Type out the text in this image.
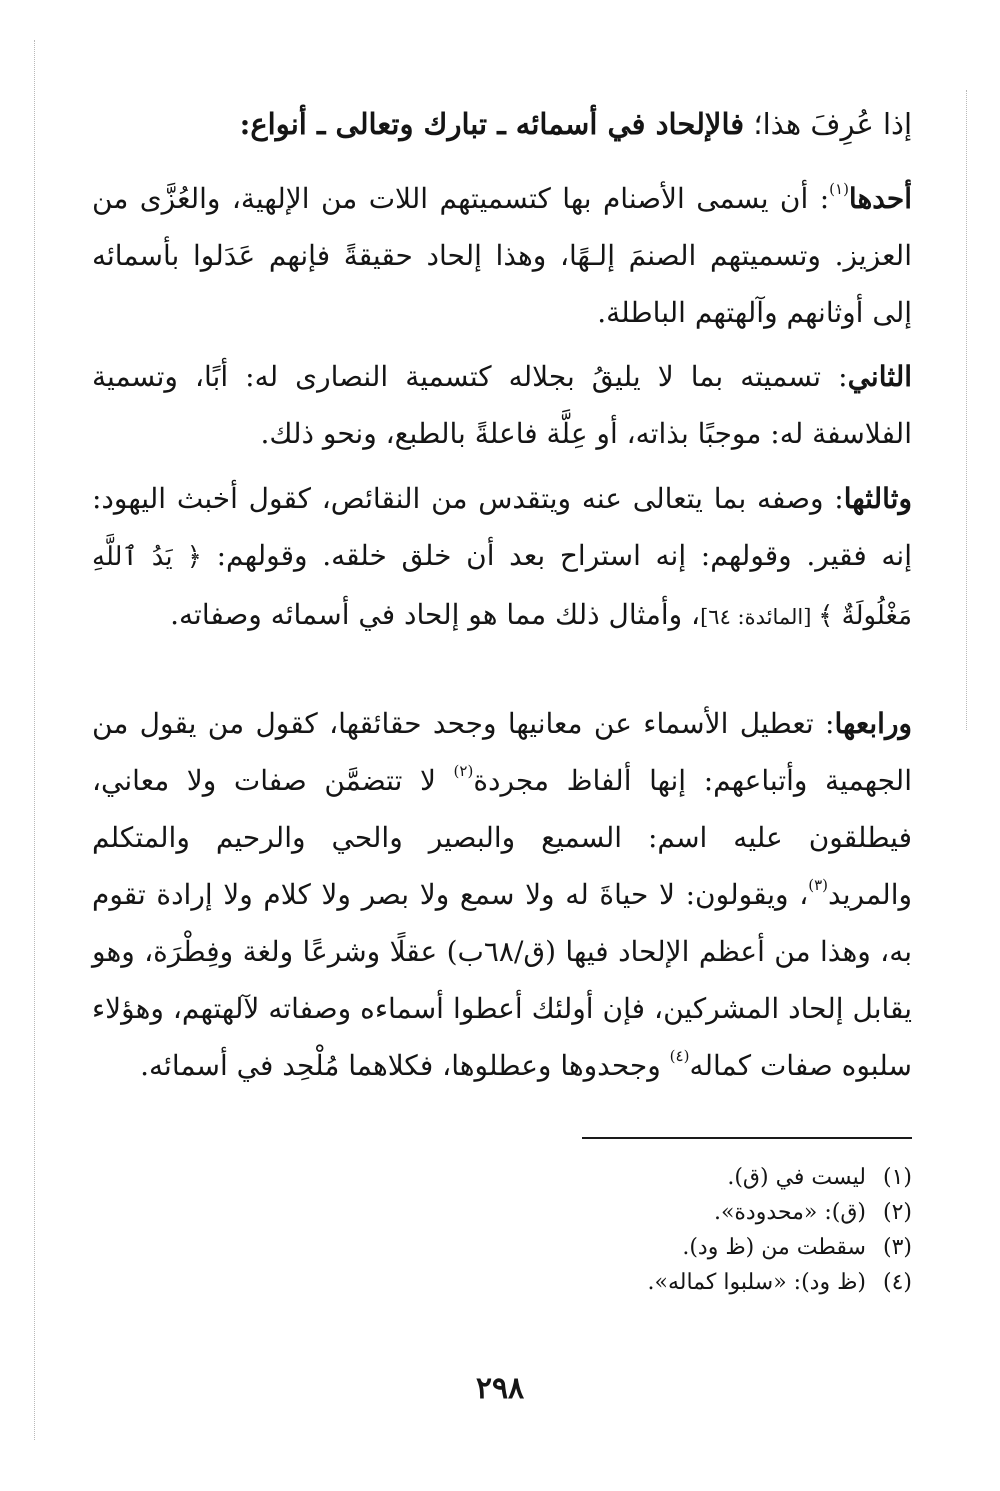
إذا عُرِفَ هذا؛ فالإلحاد في أسمائه ـ تبارك وتعالى ـ أنواع:

أحدها$^{(١)}$: أن يسمى الأصنام بها كتسميتهم اللات من الإلهية، والعُزَّى من العزيز. وتسميتهم الصنمَ إلـهًا، وهذا إلحاد حقيقةً فإنهم عَدَلوا بأسمائه إلى أوثانهم وآلهتهم الباطلة.

الثاني: تسميته بما لا يليقُ بجلاله كتسمية النصارى له: أبًا، وتسمية الفلاسفة له: موجبًا بذاته، أو عِلَّة فاعلةً بالطبع، ونحو ذلك.

وثالثها: وصفه بما يتعالى عنه ويتقدس من النقائص، كقول أخبث اليهود: إنه فقير. وقولهم: إنه استراح بعد أن خلق خلقه. وقولهم: ﴿ يَدُ ٱللَّهِ مَغْلُولَةٌ ﴾ [المائدة: ٦٤]، وأمثال ذلك مما هو إلحاد في أسمائه وصفاته.

ورابعها: تعطيل الأسماء عن معانيها وجحد حقائقها، كقول من يقول من الجهمية وأتباعهم: إنها ألفاظ مجردة$^{(٢)}$ لا تتضمَّن صفات ولا معاني، فيطلقون عليه اسم: السميع والبصير والحي والرحيم والمتكلم والمريد$^{(٣)}$، ويقولون: لا حياةَ له ولا سمع ولا بصر ولا كلام ولا إرادة تقوم به، وهذا من أعظم الإلحاد فيها (ق/٦٨ب) عقلًا وشرعًا ولغة وفِطْرَة، وهو يقابل إلحاد المشركين، فإن أولئك أعطوا أسماءه وصفاته لآلهتهم، وهؤلاء سلبوه صفات كماله$^{(٤)}$ وجحدوها وعطلوها، فكلاهما مُلْحِد في أسمائه.

(١)ليست في (ق).
(٢)(ق): «محدودة».
(٣)سقطت من (ظ ود).
(٤)(ظ ود): «سلبوا كماله».
٢٩٨
